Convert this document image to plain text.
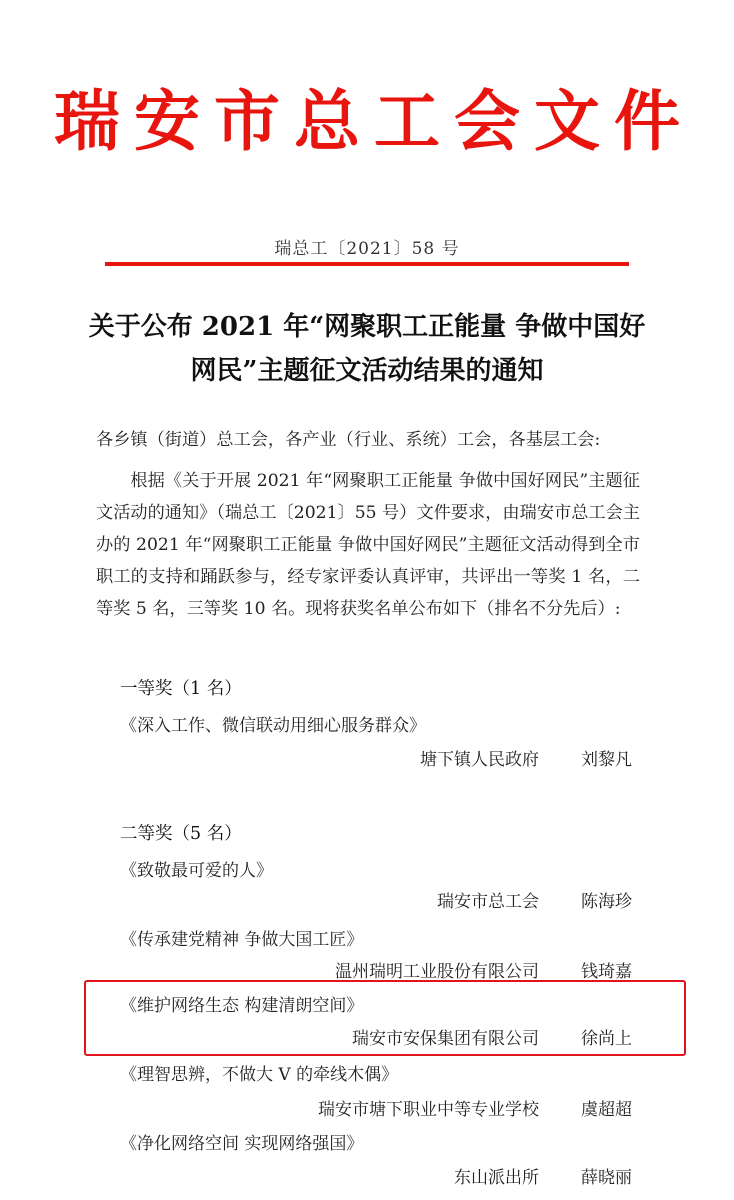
瑞安市总工会文件
瑞总工〔2021〕58 号
关于公布 2021 年“网聚职工正能量 争做中国好
网民”主题征文活动结果的通知
各乡镇（街道）总工会，各产业（行业、系统）工会，各基层工会:
根据《关于开展 2021 年“网聚职工正能量 争做中国好网民”主题征文活动的通知》（瑞总工〔2021〕55 号）文件要求，由瑞安市总工会主办的 2021 年“网聚职工正能量 争做中国好网民”主题征文活动得到全市职工的支持和踊跃参与，经专家评委认真评审，共评出一等奖 1 名，二等奖 5 名，三等奖 10 名。现将获奖名单公布如下（排名不分先后）:
一等奖（1 名）
《深入工作、微信联动用细心服务群众》
塘下镇人民政府 刘黎凡
二等奖（5 名）
《致敬最可爱的人》
瑞安市总工会 陈海珍
《传承建党精神 争做大国工匠》
温州瑞明工业股份有限公司 钱琦嘉
《维护网络生态 构建清朗空间》
瑞安市安保集团有限公司 徐尚上
《理智思辨，不做大 V 的牵线木偶》
瑞安市塘下职业中等专业学校 虞超超
《净化网络空间 实现网络强国》
东山派出所 薛晓丽
